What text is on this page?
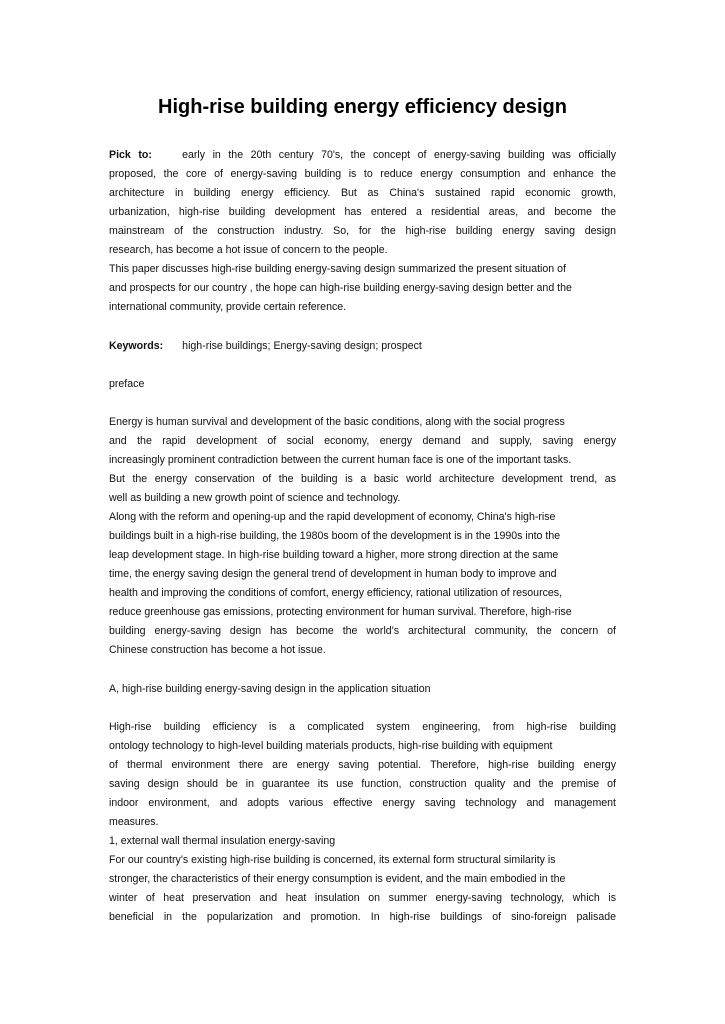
High-rise building energy efficiency design
Pick to:	early in the 20th century 70's, the concept of energy-saving building was officially
proposed, the core of energy-saving building is to reduce energy consumption and enhance the
architecture in building energy efficiency. But as China's sustained rapid economic growth,
urbanization, high-rise building development has entered a residential areas, and become the
mainstream of the construction industry. So, for the high-rise building energy saving design
research, has become a hot issue of concern to the people.
This paper discusses high-rise building energy-saving design summarized the present situation of
and prospects for our country , the hope can high-rise building energy-saving design better and the
international community, provide certain reference.
Keywords: high-rise buildings; Energy-saving design; prospect
preface
Energy is human survival and development of the basic conditions, along with the social progress
and the rapid development of social economy, energy demand and supply, saving energy
increasingly prominent contradiction between the current human face is one of the important tasks.
But the energy conservation of the building is a basic world architecture development trend, as
well as building a new growth point of science and technology.
Along with the reform and opening-up and the rapid development of economy, China's high-rise
buildings built in a high-rise building, the 1980s boom of the development is in the 1990s into the
leap development stage. In high-rise building toward a higher, more strong direction at the same
time, the energy saving design the general trend of development in human body to improve and
health and improving the conditions of comfort, energy efficiency, rational utilization of resources,
reduce greenhouse gas emissions, protecting environment for human survival. Therefore, high-rise
building energy-saving design has become the world's architectural community, the concern of
Chinese construction has become a hot issue.
A, high-rise building energy-saving design in the application situation
High-rise building efficiency is a complicated system engineering, from high-rise building
ontology technology to high-level building materials products, high-rise building with equipment
of thermal environment there are energy saving potential. Therefore, high-rise building energy
saving design should be in guarantee its use function, construction quality and the premise of
indoor environment, and adopts various effective energy saving technology and management
measures.
1, external wall thermal insulation energy-saving
For our country's existing high-rise building is concerned, its external form structural similarity is
stronger, the characteristics of their energy consumption is evident, and the main embodied in the
winter of heat preservation and heat insulation on summer energy-saving technology, which is
beneficial in the popularization and promotion. In high-rise buildings of sino-foreign palisade
